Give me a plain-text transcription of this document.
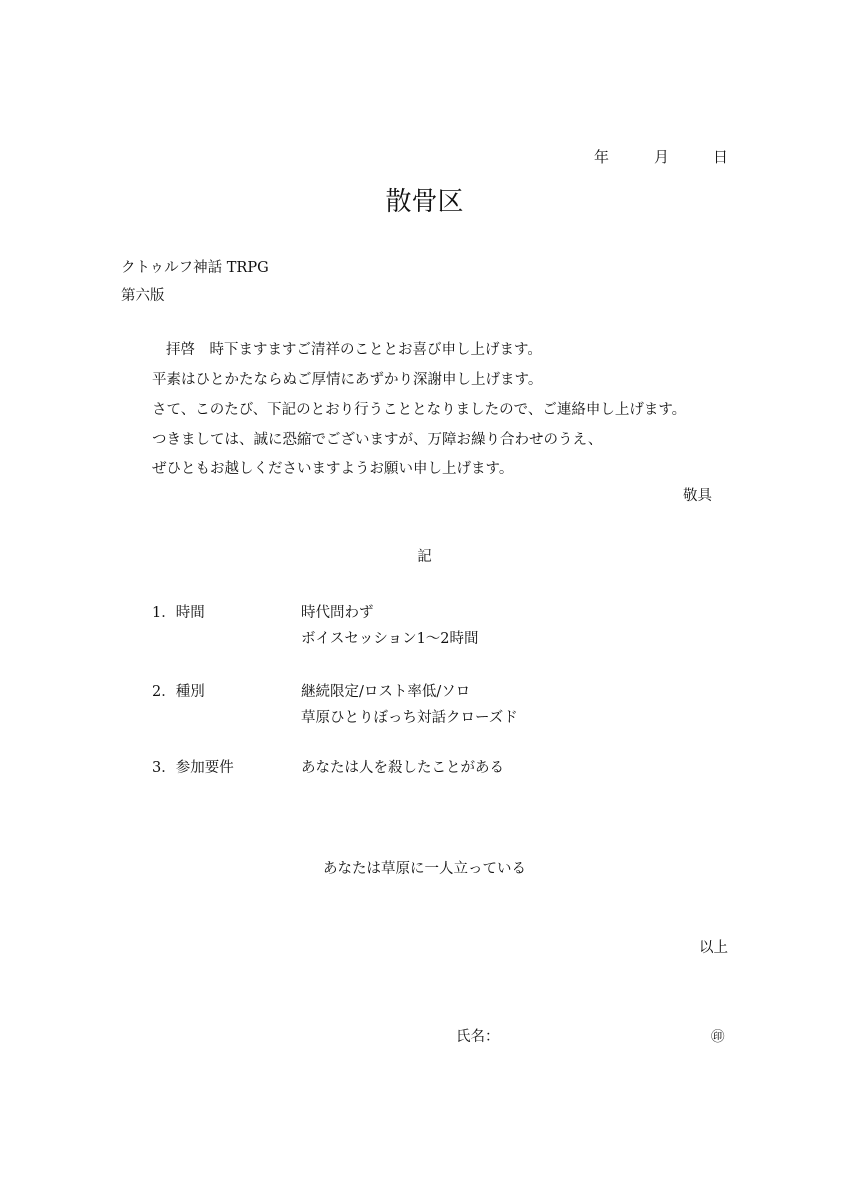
年	月	日
散骨区
クトゥルフ神話 TRPG
第六版
拝啓　時下ますますご清祥のこととお喜び申し上げます。
平素はひとかたならぬご厚情にあずかり深謝申し上げます。
さて、このたび、下記のとおり行うこととなりましたので、ご連絡申し上げます。
つきましては、誠に恐縮でございますが、万障お繰り合わせのうえ、
ぜひともお越しくださいますようお願い申し上げます。
敬具
記
1．時間	時代問わず
ボイスセッション1〜2時間
2．種別	継続限定/ロスト率低/ソロ
草原ひとりぼっち対話クローズド
3．参加要件	あなたは人を殺したことがある
あなたは草原に一人立っている
以上
氏名：	㊞
